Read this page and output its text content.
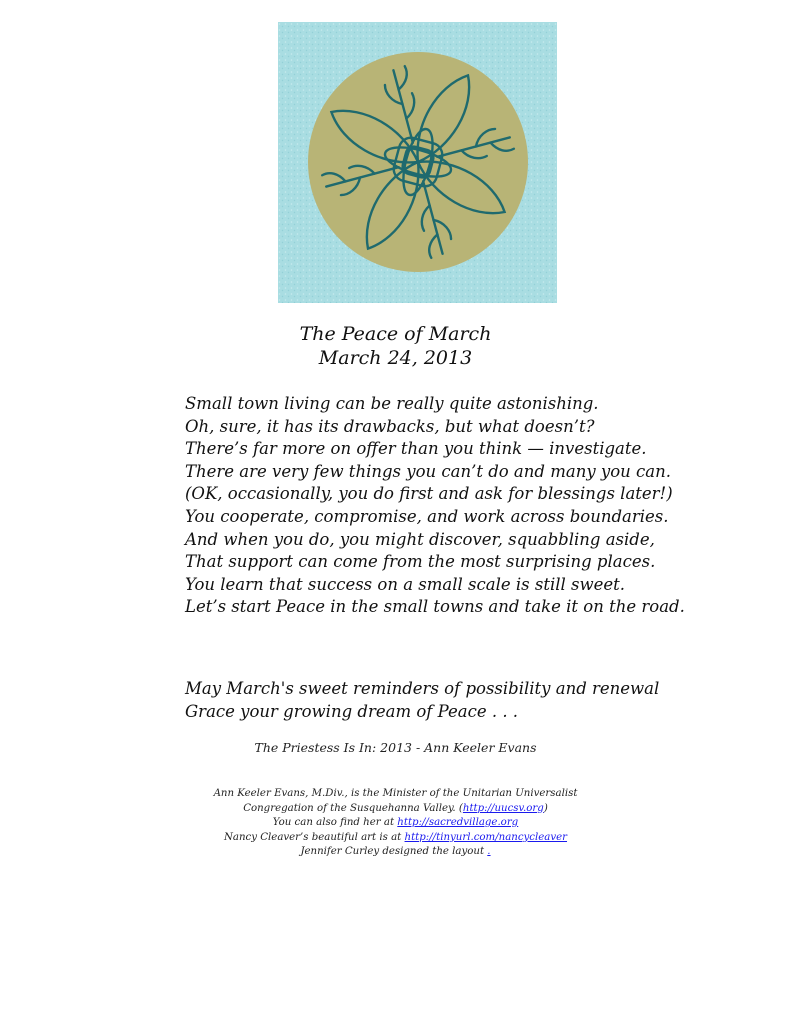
The Peace of March
March 24, 2013
Small town living can be really quite astonishing.
Oh, sure, it has its drawbacks, but what doesn’t?
There’s far more on offer than you think — investigate.
There are very few things you can’t do and many you can.
(OK, occasionally, you do first and ask for blessings later!)
You cooperate, compromise, and work across boundaries.
And when you do, you might discover, squabbling aside,
That support can come from the most surprising places.
You learn that success on a small scale is still sweet.
Let’s start Peace in the small towns and take it on the road.
May March's sweet reminders of possibility and renewal
Grace your growing dream of Peace . . .
The Priestess Is In: 2013 - Ann Keeler Evans
Ann Keeler Evans, M.Div., is the Minister of the Unitarian Universalist
Congregation of the Susquehanna Valley. (http://uucsv.org)
You can also find her at http://sacredvillage.org
Nancy Cleaver’s beautiful art is at http://tinyurl.com/nancycleaver
Jennifer Curley designed the layout .
